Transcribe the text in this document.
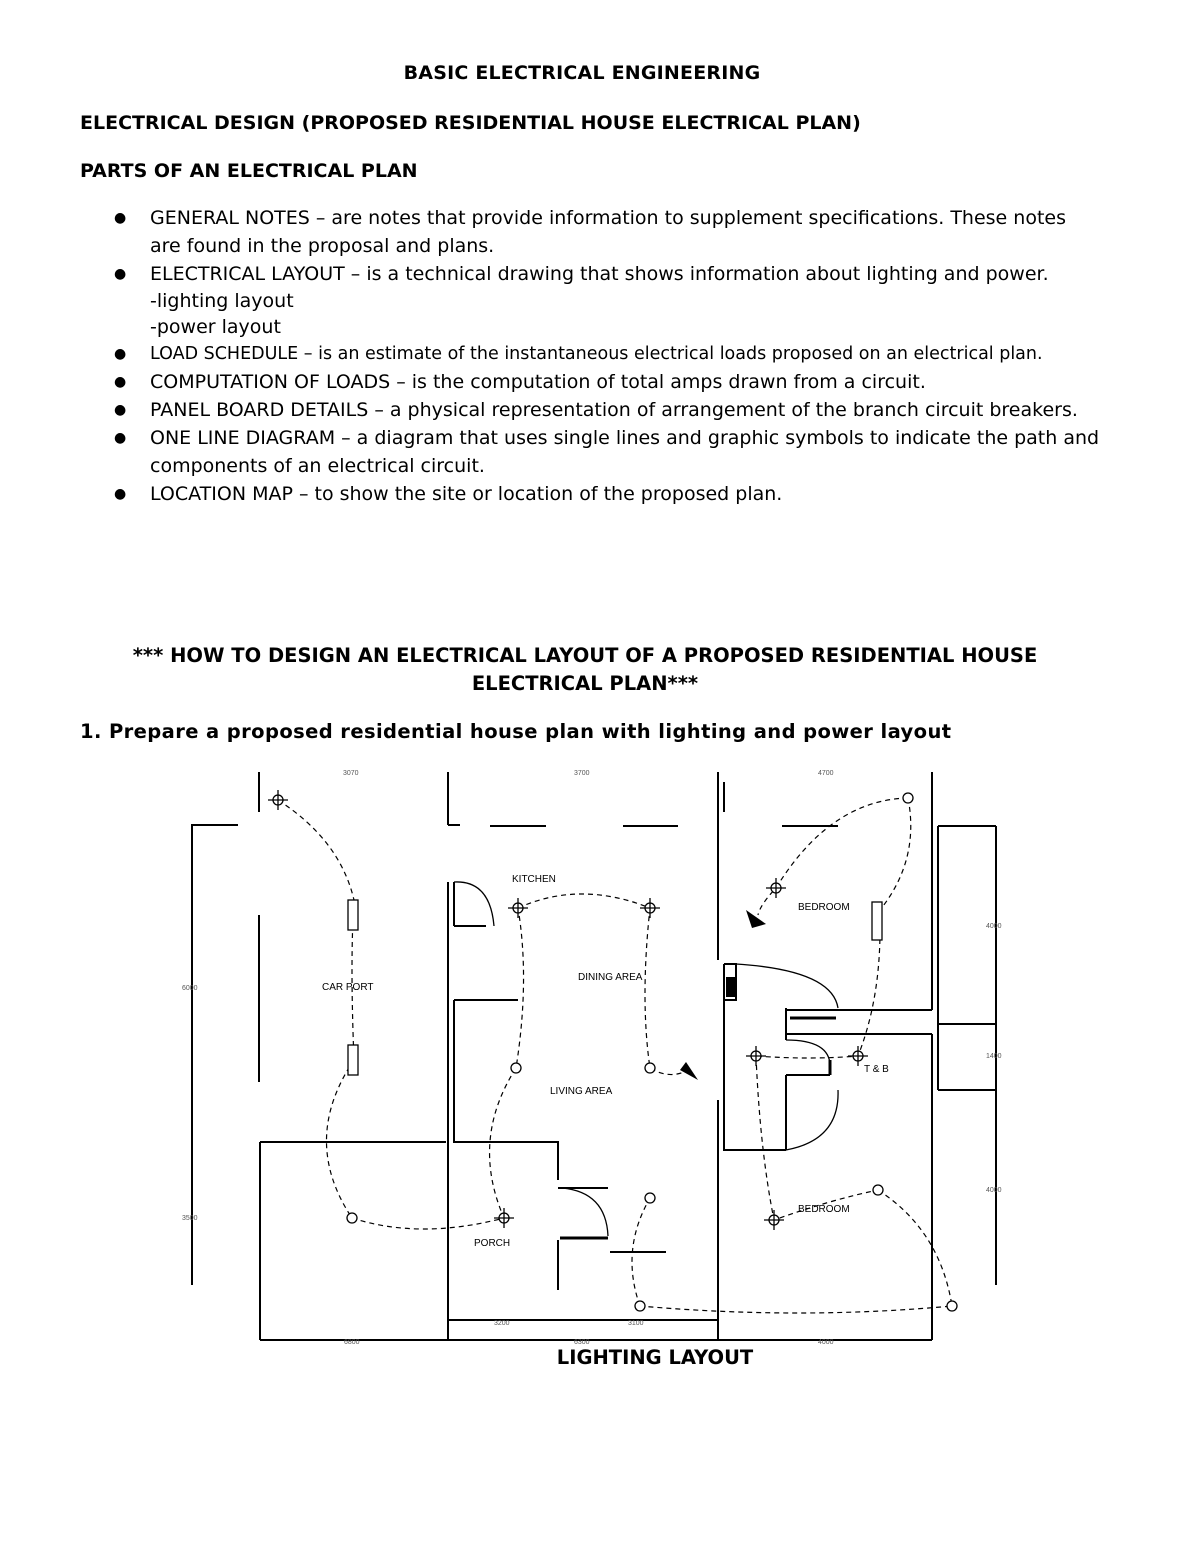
BASIC ELECTRICAL ENGINEERING
ELECTRICAL DESIGN (PROPOSED RESIDENTIAL HOUSE ELECTRICAL PLAN)
PARTS OF AN ELECTRICAL PLAN
● GENERAL NOTES – are notes that provide information to supplement specifications. These notes are found in the proposal and plans.
● ELECTRICAL LAYOUT – is a technical drawing that shows information about lighting and power.
-lighting layout
-power layout
● LOAD SCHEDULE – is an estimate of the instantaneous electrical loads proposed on an electrical plan.
● COMPUTATION OF LOADS – is the computation of total amps drawn from a circuit.
● PANEL BOARD DETAILS – a physical representation of arrangement of the branch circuit breakers.
● ONE LINE DIAGRAM – a diagram that uses single lines and graphic symbols to indicate the path and components of an electrical circuit.
● LOCATION MAP – to show the site or location of the proposed plan.
*** HOW TO DESIGN AN ELECTRICAL LAYOUT OF A PROPOSED RESIDENTIAL HOUSE
ELECTRICAL PLAN***
1. Prepare a proposed residential house plan with lighting and power layout
KITCHEN
BEDROOM
DINING AREA
CAR PORT
LIVING AREA
T & B
BEDROOM
PORCH
3070	3700	4700
6000
3500
4000
1400
4000
6800	6300	4000
3200	3100
LIGHTING LAYOUT
